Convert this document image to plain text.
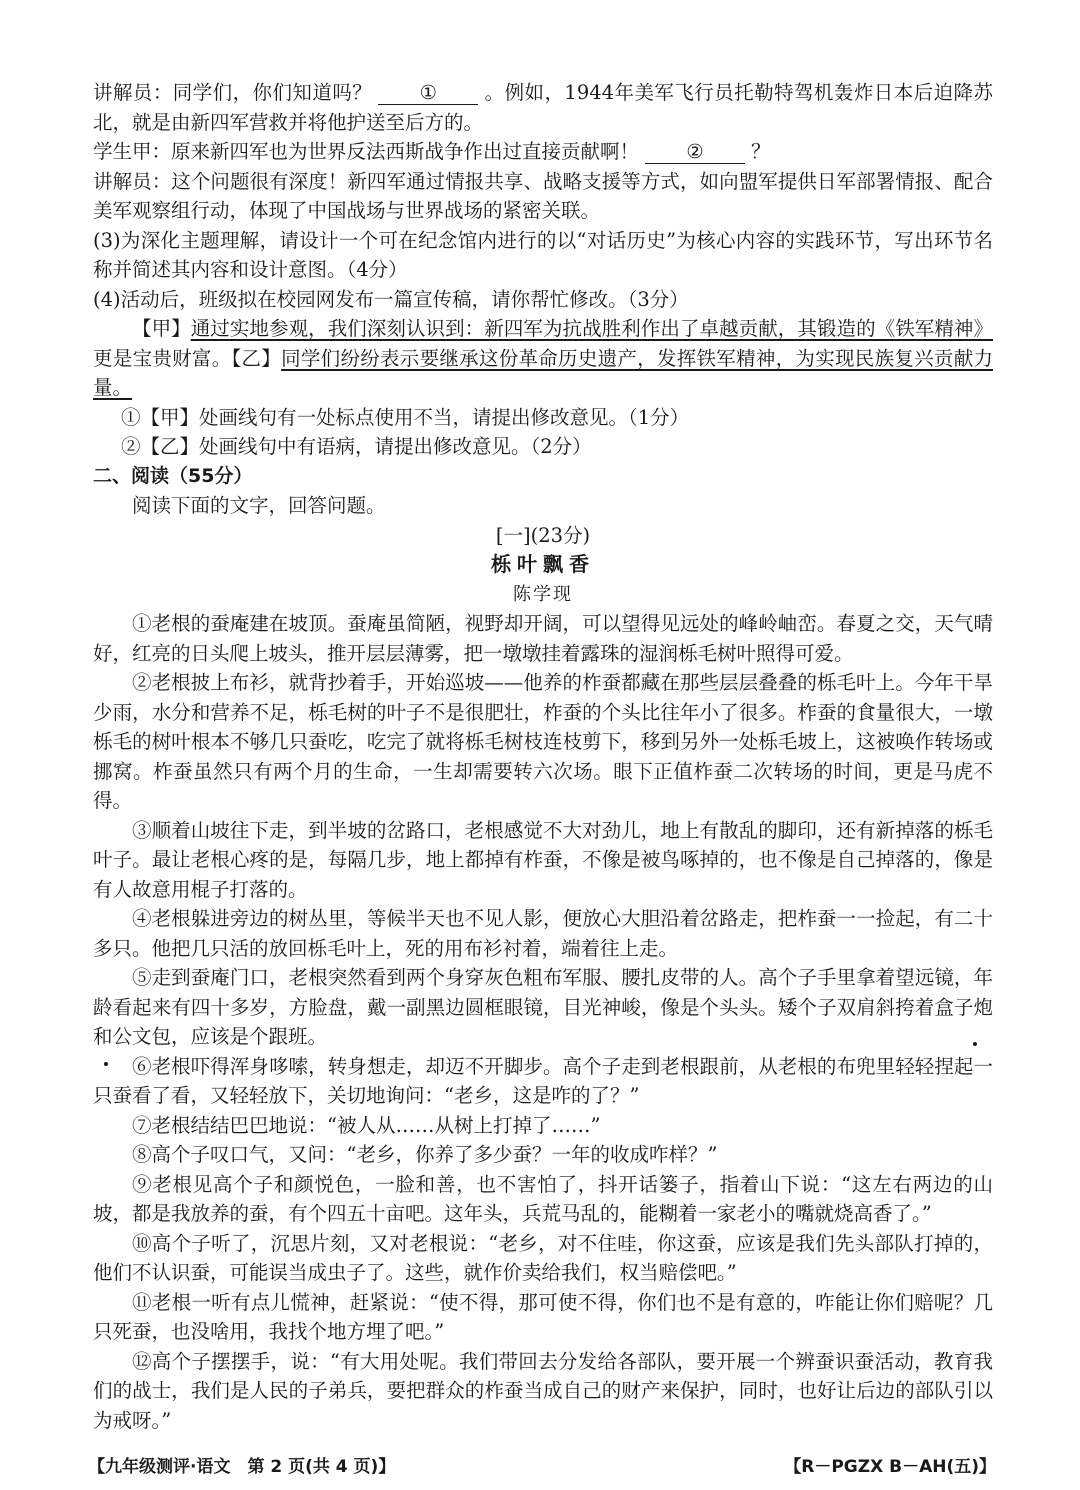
讲解员：同学们，你们知道吗？ ① 。例如，1944年美军飞行员托勒特驾机轰炸日本后迫降苏北，就是由新四军营救并将他护送至后方的。

学生甲：原来新四军也为世界反法西斯战争作出过直接贡献啊！ ② ？

讲解员：这个问题很有深度！新四军通过情报共享、战略支援等方式，如向盟军提供日军部署情报、配合美军观察组行动，体现了中国战场与世界战场的紧密关联。

(3)为深化主题理解，请设计一个可在纪念馆内进行的以“对话历史”为核心内容的实践环节，写出环节名称并简述其内容和设计意图。（4分）

(4)活动后，班级拟在校园网发布一篇宣传稿，请你帮忙修改。（3分）

【甲】通过实地参观，我们深刻认识到：新四军为抗战胜利作出了卓越贡献，其锻造的《铁军精神》更是宝贵财富。【乙】同学们纷纷表示要继承这份革命历史遗产，发挥铁军精神，为实现民族复兴贡献力量。

①【甲】处画线句有一处标点使用不当，请提出修改意见。（1分）

②【乙】处画线句中有语病，请提出修改意见。（2分）

二、阅读（55分）

阅读下面的文字，回答问题。

[一](23分)

栎叶飘香

陈学现

①老根的蚕庵建在坡顶。蚕庵虽简陋，视野却开阔，可以望得见远处的峰岭岫峦。春夏之交，天气晴好，红亮的日头爬上坡头，推开层层薄雾，把一墩墩挂着露珠的湿润栎毛树叶照得可爱。

②老根披上布衫，就背抄着手，开始巡坡——他养的柞蚕都藏在那些层层叠叠的栎毛叶上。今年干旱少雨，水分和营养不足，栎毛树的叶子不是很肥壮，柞蚕的个头比往年小了很多。柞蚕的食量很大，一墩栎毛的树叶根本不够几只蚕吃，吃完了就将栎毛树枝连枝剪下，移到另外一处栎毛坡上，这被唤作转场或挪窝。柞蚕虽然只有两个月的生命，一生却需要转六次场。眼下正值柞蚕二次转场的时间，更是马虎不得。

③顺着山坡往下走，到半坡的岔路口，老根感觉不大对劲儿，地上有散乱的脚印，还有新掉落的栎毛叶子。最让老根心疼的是，每隔几步，地上都掉有柞蚕，不像是被鸟啄掉的，也不像是自己掉落的，像是有人故意用棍子打落的。

④老根躲进旁边的树丛里，等候半天也不见人影，便放心大胆沿着岔路走，把柞蚕一一捡起，有二十多只。他把几只活的放回栎毛叶上，死的用布衫衬着，端着往上走。

⑤走到蚕庵门口，老根突然看到两个身穿灰色粗布军服、腰扎皮带的人。高个子手里拿着望远镜，年龄看起来有四十多岁，方脸盘，戴一副黑边圆框眼镜，目光神峻，像是个头头。矮个子双肩斜挎着盒子炮和公文包，应该是个跟班。

⑥老根吓得浑身哆嗦，转身想走，却迈不开脚步。高个子走到老根跟前，从老根的布兜里轻轻捏起一只蚕看了看，又轻轻放下，关切地询问：“老乡，这是咋的了？”

⑦老根结结巴巴地说：“被人从……从树上打掉了……”

⑧高个子叹口气，又问：“老乡，你养了多少蚕？一年的收成咋样？”

⑨老根见高个子和颜悦色，一脸和善，也不害怕了，抖开话篓子，指着山下说：“这左右两边的山坡，都是我放养的蚕，有个四五十亩吧。这年头，兵荒马乱的，能糊着一家老小的嘴就烧高香了。”

⑩高个子听了，沉思片刻，又对老根说：“老乡，对不住哇，你这蚕，应该是我们先头部队打掉的，他们不认识蚕，可能误当成虫子了。这些，就作价卖给我们，权当赔偿吧。”

⑪老根一听有点儿慌神，赶紧说：“使不得，那可使不得，你们也不是有意的，咋能让你们赔呢？几只死蚕，也没啥用，我找个地方埋了吧。”

⑫高个子摆摆手，说：“有大用处呢。我们带回去分发给各部队，要开展一个辨蚕识蚕活动，教育我们的战士，我们是人民的子弟兵，要把群众的柞蚕当成自己的财产来保护，同时，也好让后边的部队引以为戒呀。”

【九年级测评·语文　第 2 页(共 4 页)】	【R－PGZX B－AH(五)】
